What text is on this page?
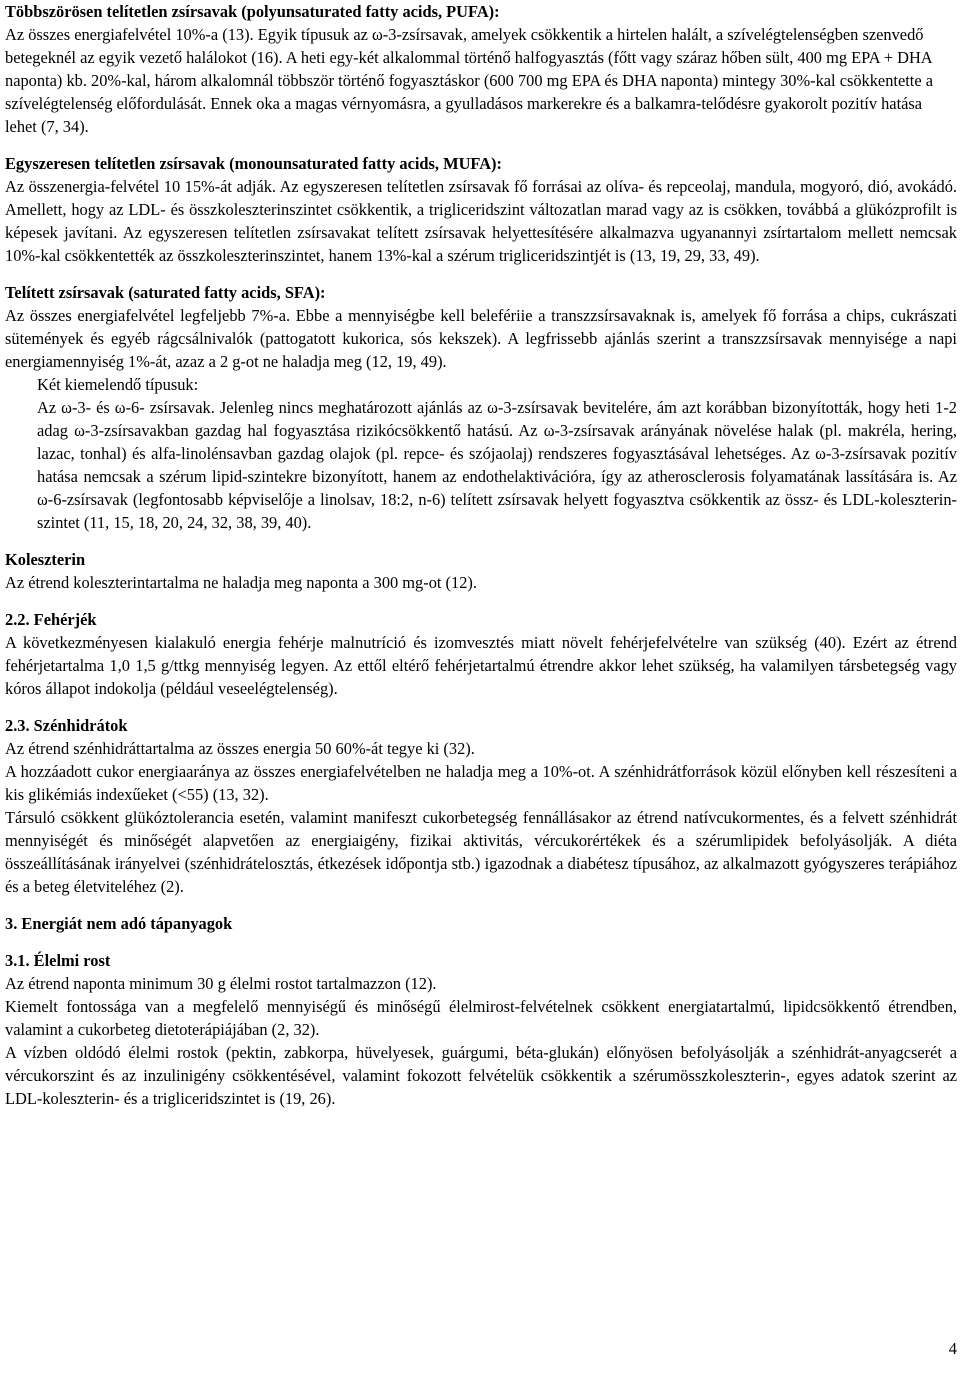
Többszörösen telítetlen zsírsavak (polyunsaturated fatty acids, PUFA):
Az összes energiafelvétel 10%-a (13). Egyik típusuk az ω-3-zsírsavak, amelyek csökkentik a hirtelen halált, a szívelégtelenségben szenvedő betegeknél az egyik vezető halálokot (16). A heti egy-két alkalommal történő halfogyasztás (főtt vagy száraz hőben sült, 400 mg EPA + DHA naponta) kb. 20%-kal, három alkalomnál többször történő fogyasztáskor (600 700 mg EPA és DHA naponta) mintegy 30%-kal csökkentette a szívelégtelenség előfordulását. Ennek oka a magas vérnyomásra, a gyulladásos markerekre és a balkamra-telődésre gyakorolt pozitív hatása lehet (7, 34).
Egyszeresen telítetlen zsírsavak (monounsaturated fatty acids, MUFA):
Az összenergia-felvétel 10 15%-át adják. Az egyszeresen telítetlen zsírsavak fő forrásai az olíva- és repceolaj, mandula, mogyoró, dió, avokádó. Amellett, hogy az LDL- és összkoleszterinszintet csökkentik, a trigliceridszint változatlan marad vagy az is csökken, továbbá a glükózprofilt is képesek javítani. Az egyszeresen telítetlen zsírsavakat telített zsírsavak helyettesítésére alkalmazva ugyanannyi zsírtartalom mellett nemcsak 10%-kal csökkentették az összkoleszterinszintet, hanem 13%-kal a szérum trigliceridszintjét is (13, 19, 29, 33, 49).
Telített zsírsavak (saturated fatty acids, SFA):
Az összes energiafelvétel legfeljebb 7%-a. Ebbe a mennyiségbe kell belefériie a transzzsírsavaknak is, amelyek fő forrása a chips, cukrászati sütemények és egyéb rágcsálnivalók (pattogatott kukorica, sós kekszek). A legfrissebb ajánlás szerint a transzzsírsavak mennyisége a napi energiamennyiség 1%-át, azaz a 2 g-ot ne haladja meg (12, 19, 49).
Két kiemelendő típusuk:
Az ω-3- és ω-6- zsírsavak. Jelenleg nincs meghatározott ajánlás az ω-3-zsírsavak bevitelére, ám azt korábban bizonyították, hogy heti 1-2 adag ω-3-zsírsavakban gazdag hal fogyasztása rizikócsökkentő hatású. Az ω-3-zsírsavak arányának növelése halak (pl. makréla, hering, lazac, tonhal) és alfa-linolénsavban gazdag olajok (pl. repce- és szójaolaj) rendszeres fogyasztásával lehetséges. Az ω-3-zsírsavak pozitív hatása nemcsak a szérum lipid-szintekre bizonyított, hanem az endothelaktivációra, így az atherosclerosis folyamatának lassítására is. Az ω-6-zsírsavak (legfontosabb képviselője a linolsav, 18:2, n-6) telített zsírsavak helyett fogyasztva csökkentik az össz- és LDL-koleszterin-szintet (11, 15, 18, 20, 24, 32, 38, 39, 40).
Koleszterin
Az étrend koleszterintartalma ne haladja meg naponta a 300 mg-ot (12).
2.2. Fehérjék
A következményesen kialakuló energia fehérje malnutríció és izomvesztés miatt növelt fehérjefelvételre van szükség (40). Ezért az étrend fehérjetartalma 1,0 1,5 g/ttkg mennyiség legyen. Az ettől eltérő fehérjetartalmú étrendre akkor lehet szükség, ha valamilyen társbetegség vagy kóros állapot indokolja (például veseelégtelenség).
2.3. Szénhidrátok
Az étrend szénhidráttartalma az összes energia 50 60%-át tegye ki (32).
A hozzáadott cukor energiaaránya az összes energiafelvételben ne haladja meg a 10%-ot. A szénhidrátforrások közül előnyben kell részesíteni a kis glikémiás indexűeket (<55) (13, 32).
Társuló csökkent glükóztolerancia esetén, valamint manifeszt cukorbetegség fennállásakor az étrend natívcukormentes, és a felvett szénhidrát mennyiségét és minőségét alapvetően az energiaigény, fizikai aktivitás, vércukorértékek és a szérumlipidek befolyásolják. A diéta összeállításának irányelvei (szénhidrátelosztás, étkezések időpontja stb.) igazodnak a diabétesz típusához, az alkalmazott gyógyszeres terápiához és a beteg életviteléhez (2).
3. Energiát nem adó tápanyagok
3.1. Élelmi rost
Az étrend naponta minimum 30 g élelmi rostot tartalmazzon (12).
Kiemelt fontossága van a megfelelő mennyiségű és minőségű élelmirost-felvételnek csökkent energiatartalmú, lipidcsökkentő étrendben, valamint a cukorbeteg dietoterápiájában (2, 32).
A vízben oldódó élelmi rostok (pektin, zabkorpa, hüvelyesek, guárgumi, béta-glukán) előnyösen befolyásolják a szénhidrát-anyagcserét a vércukorszint és az inzulinigény csökkentésével, valamint fokozott felvételük csökkentik a szérumösszkoleszterin-, egyes adatok szerint az LDL-koleszterin- és a trigliceridszintet is (19, 26).
4
